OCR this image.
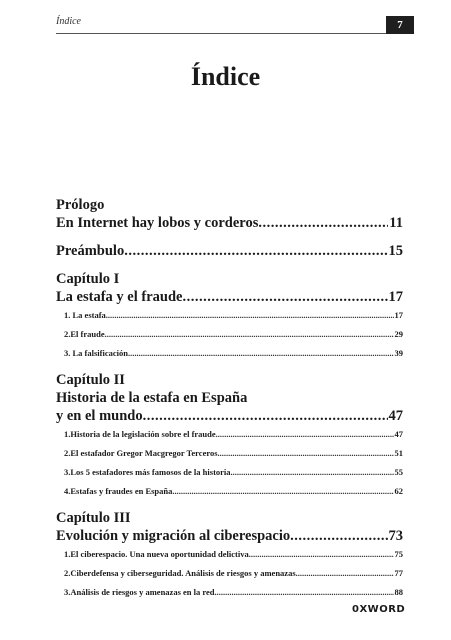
Índice	7
Índice
Prólogo
En Internet hay lobos y corderos .....	11
Preámbulo .....	15
Capítulo I
La estafa y el fraude .....	17
1.
La estafa .....	17
2. El fraude .....	29
3.
La falsificación .....	39
Capítulo II
Historia de la estafa en España
y en el mundo .....	47
1. Historia de la legislación sobre el fraude .....	47
2. El estafador Gregor Macgregor Terceros .....	51
3. Los 5 estafadores más famosos de la historia .....	55
4. Estafas y fraudes en España .....	62
Capítulo III
Evolución y migración al ciberespacio .....	73
1. El ciberespacio. Una nueva oportunidad delictiva .....	75
2. Ciberdefensa y ciberseguridad. Análisis de riesgos y amenazas .....	77
3. Análisis de riesgos y amenazas en la red .....	88
0XWORD
